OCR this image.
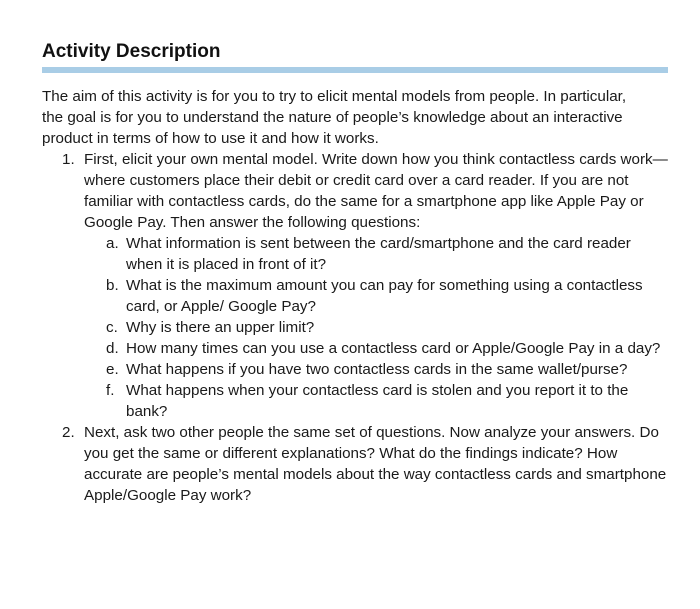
Activity Description

The aim of this activity is for you to try to elicit mental models from people. In particular, the goal is for you to understand the nature of people’s knowledge about an interactive product in terms of how to use it and how it works.

1. First, elicit your own mental model. Write down how you think contactless cards work—where customers place their debit or credit card over a card reader. If you are not familiar with contactless cards, do the same for a smartphone app like Apple Pay or Google Pay. Then answer the following questions:
a. What information is sent between the card/smartphone and the card reader when it is placed in front of it?
b. What is the maximum amount you can pay for something using a contactless card, or Apple/ Google Pay?
c. Why is there an upper limit?
d. How many times can you use a contactless card or Apple/Google Pay in a day?
e. What happens if you have two contactless cards in the same wallet/purse?
f. What happens when your contactless card is stolen and you report it to the bank?
2. Next, ask two other people the same set of questions. Now analyze your answers. Do you get the same or different explanations? What do the findings indicate? How accurate are people’s mental models about the way contactless cards and smartphone Apple/Google Pay work?
